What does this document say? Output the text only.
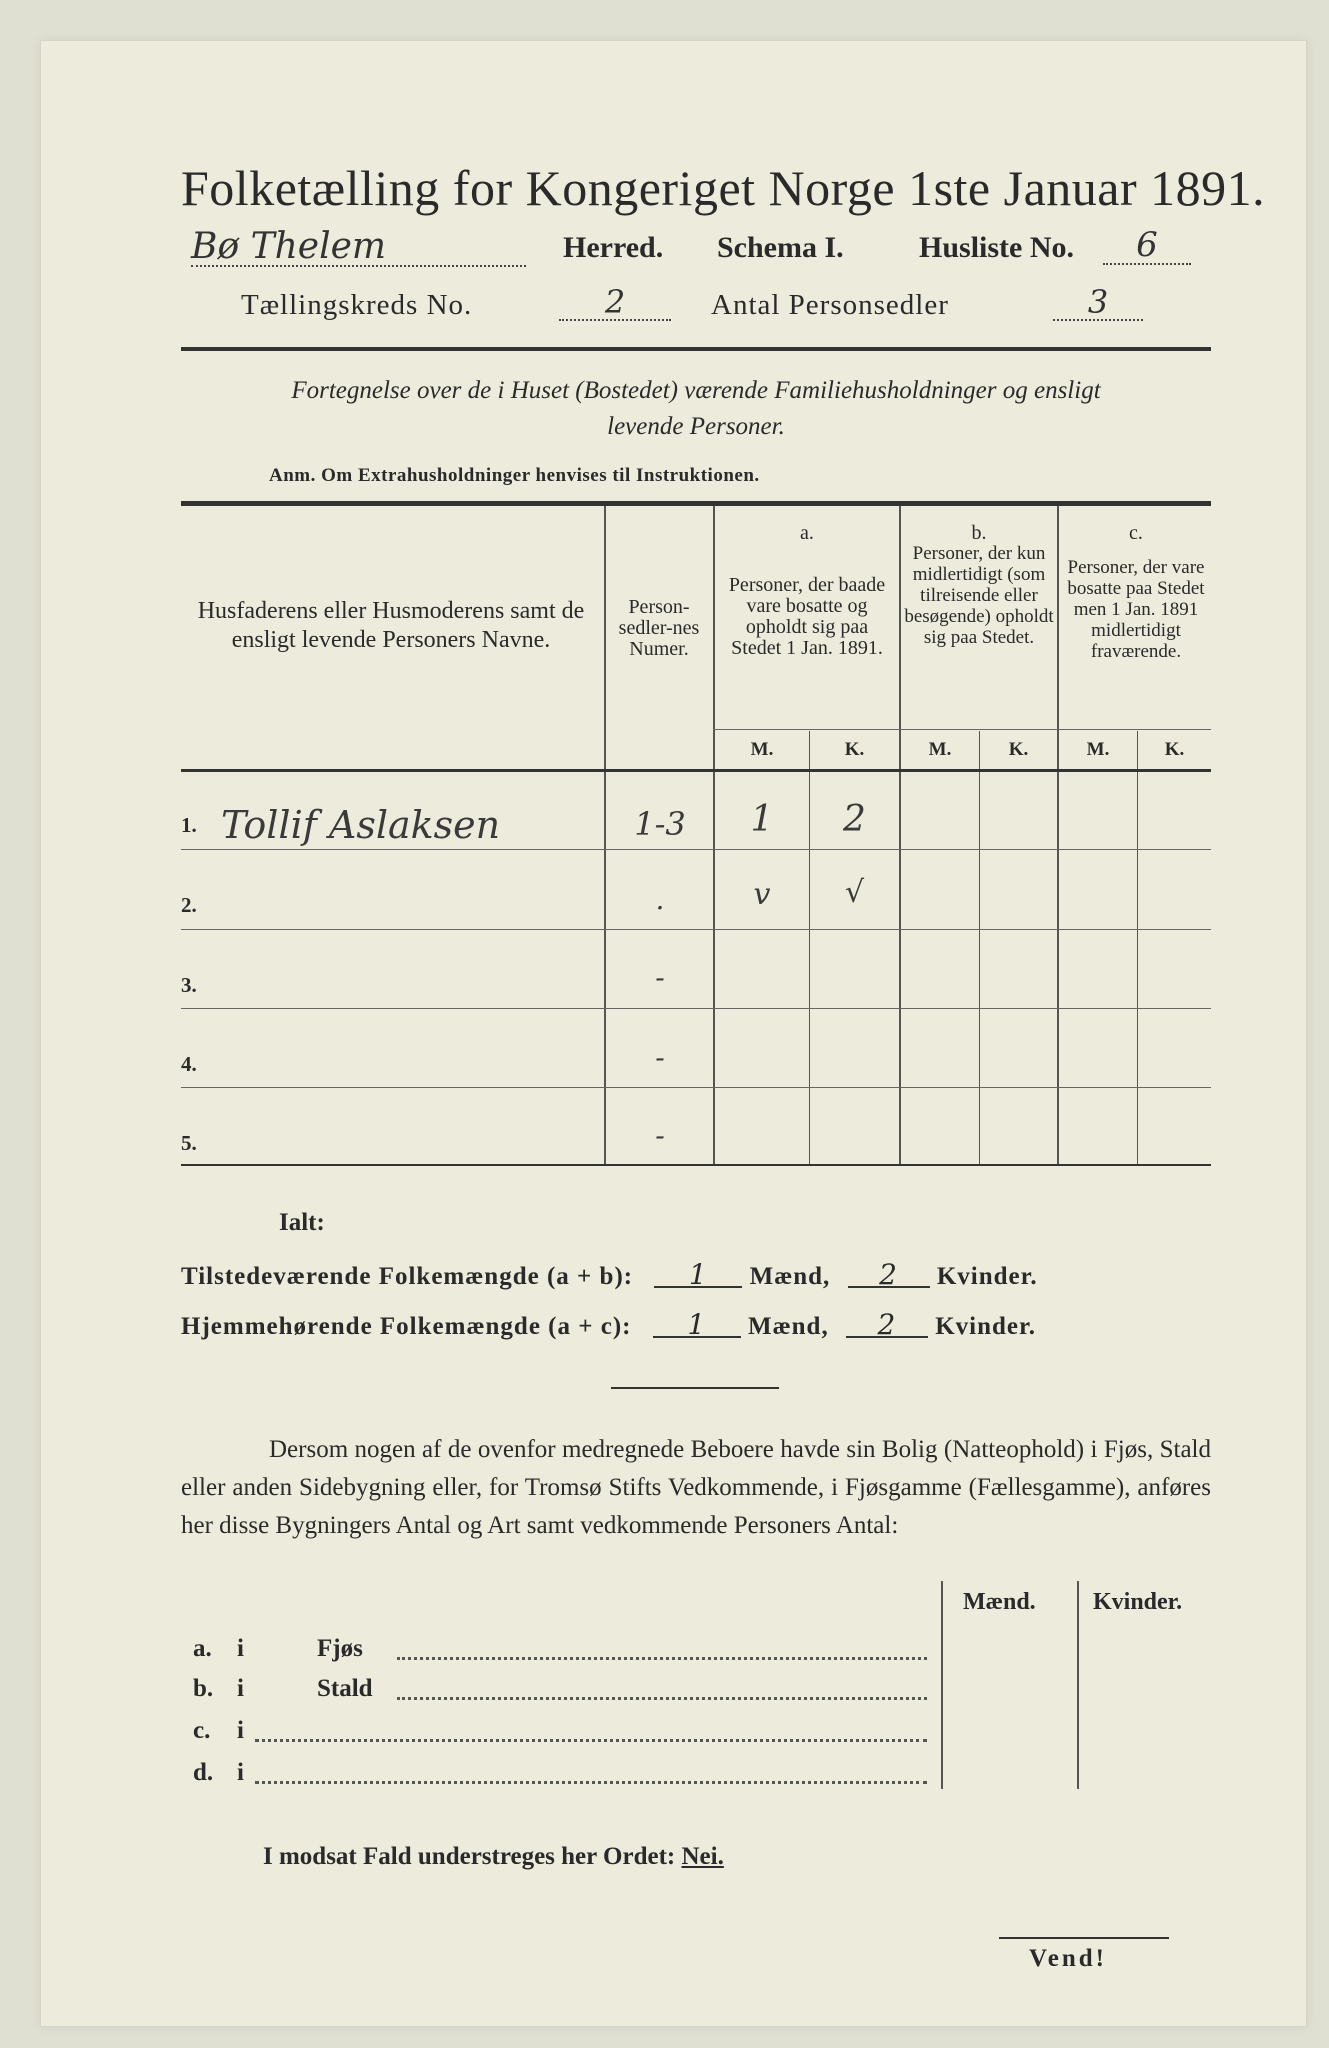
Folketælling for Kongeriget Norge 1ste Januar 1891.
Bø Thelem	Herred. Schema I.	Husliste No.	6
Tællingskreds No.	2	Antal Personsedler	3
Fortegnelse over de i Huset (Bostedet) værende Familiehusholdninger og ensligt
levende Personer.
Anm. Om Extrahusholdninger henvises til Instruktionen.
Husfaderens eller Husmoderens samt de ensligt levende Personers Navne.
Person-sedler-nes Numer.
a.
Personer, der baade vare bosatte og opholdt sig paa Stedet 1 Jan. 1891.
b.
Personer, der kun midlertidigt (som tilreisende eller besøgende) opholdt sig paa Stedet.
c.
Personer, der vare bosatte paa Stedet men 1 Jan. 1891 midlertidigt fraværende.
M.	K.	M.	K.	M.	K.
1. Tollif Aslaksen	1-3	1	2
2.	.	v	√
3.	-
4.	-
5.	-
Ialt:
Tilstedeværende Folkemængde (a + b): 1 Mænd, 2 Kvinder.
Hjemmehørende Folkemængde (a + c): 1 Mænd, 2 Kvinder.
Dersom nogen af de ovenfor medregnede Beboere havde sin Bolig (Natteophold) i Fjøs, Stald eller anden Sidebygning eller, for Tromsø Stifts Vedkommende, i Fjøsgamme (Fællesgamme), anføres her disse Bygningers Antal og Art samt vedkommende Personers Antal:
Mænd. Kvinder.
a. i	Fjøs
b. i	Stald
c. i
d. i
I modsat Fald understreges her Ordet: Nei.
Vend!
